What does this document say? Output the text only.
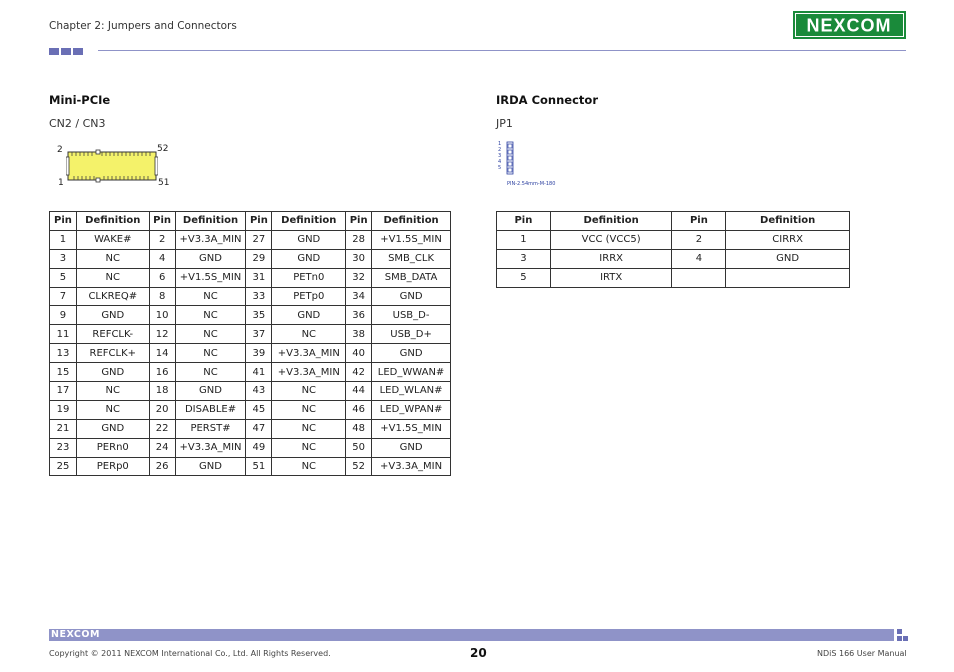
Chapter 2: Jumpers and Connectors	NEXCOM
Mini-PCIe
CN2 / CN3
2	52
1	51
Pin	Definition	Pin	Definition	Pin	Definition	Pin	Definition
1	WAKE#	2	+V3.3A_MIN	27	GND	28	+V1.5S_MIN
3	NC	4	GND	29	GND	30	SMB_CLK
5	NC	6	+V1.5S_MIN	31	PETn0	32	SMB_DATA
7	CLKREQ#	8	NC	33	PETp0	34	GND
9	GND	10	NC	35	GND	36	USB_D-
11	REFCLK-	12	NC	37	NC	38	USB_D+
13	REFCLK+	14	NC	39	+V3.3A_MIN	40	GND
15	GND	16	NC	41	+V3.3A_MIN	42	LED_WWAN#
17	NC	18	GND	43	NC	44	LED_WLAN#
19	NC	20	DISABLE#	45	NC	46	LED_WPAN#
21	GND	22	PERST#	47	NC	48	+V1.5S_MIN
23	PERn0	24	+V3.3A_MIN	49	NC	50	GND
25	PERp0	26	GND	51	NC	52	+V3.3A_MIN
IRDA Connector
JP1
1
2
3
4
5
PIN-2.54mm-M-180
Pin	Definition	Pin	Definition
1	VCC (VCC5)	2	CIRRX
3	IRRX	4	GND
5	IRTX		
NEXCOM
Copyright © 2011 NEXCOM International Co., Ltd. All Rights Reserved.	20	NDiS 166 User Manual
